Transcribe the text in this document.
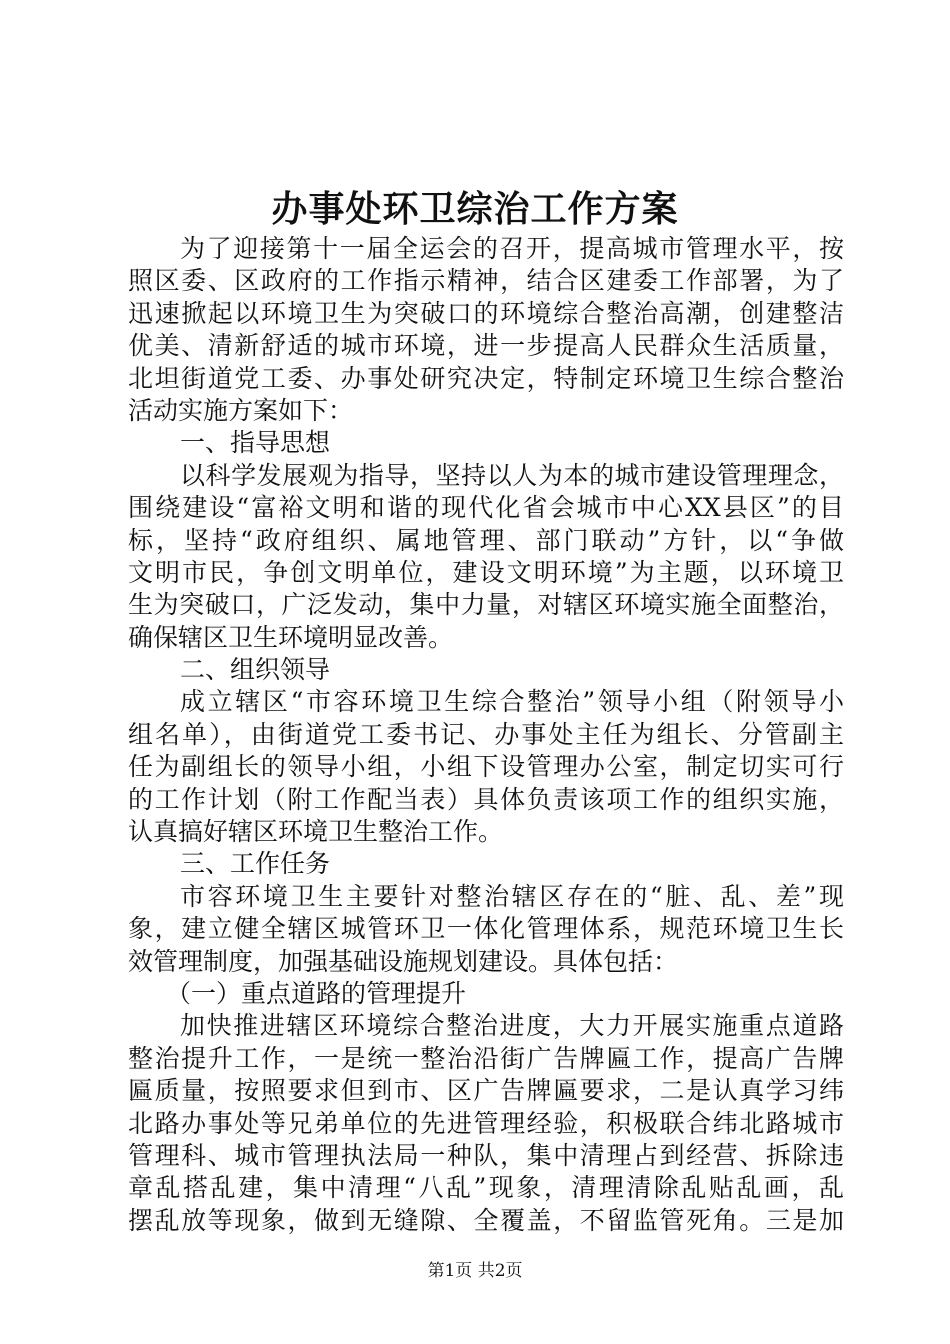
办事处环卫综治工作方案
为了迎接第十一届全运会的召开，提高城市管理水平，按
照区委、区政府的工作指示精神，结合区建委工作部署，为了
迅速掀起以环境卫生为突破口的环境综合整治高潮，创建整洁
优美、清新舒适的城市环境，进一步提高人民群众生活质量，
北坦街道党工委、办事处研究决定，特制定环境卫生综合整治
活动实施方案如下：
一、指导思想
以科学发展观为指导，坚持以人为本的城市建设管理理念，
围绕建设“富裕文明和谐的现代化省会城市中心XX县区”的目
标，坚持“政府组织、属地管理、部门联动”方针，以“争做
文明市民，争创文明单位，建设文明环境”为主题，以环境卫
生为突破口，广泛发动，集中力量，对辖区环境实施全面整治，
确保辖区卫生环境明显改善。
二、组织领导
成立辖区“市容环境卫生综合整治”领导小组（附领导小
组名单），由街道党工委书记、办事处主任为组长、分管副主
任为副组长的领导小组，小组下设管理办公室，制定切实可行
的工作计划（附工作配当表）具体负责该项工作的组织实施，
认真搞好辖区环境卫生整治工作。
三、工作任务
市容环境卫生主要针对整治辖区存在的“脏、乱、差”现
象，建立健全辖区城管环卫一体化管理体系，规范环境卫生长
效管理制度，加强基础设施规划建设。具体包括：
（一）重点道路的管理提升
加快推进辖区环境综合整治进度，大力开展实施重点道路
整治提升工作，一是统一整治沿街广告牌匾工作，提高广告牌
匾质量，按照要求但到市、区广告牌匾要求，二是认真学习纬
北路办事处等兄弟单位的先进管理经验，积极联合纬北路城市
管理科、城市管理执法局一种队，集中清理占到经营、拆除违
章乱搭乱建，集中清理“八乱”现象，清理清除乱贴乱画，乱
摆乱放等现象，做到无缝隙、全覆盖，不留监管死角。三是加
第1页 共2页
